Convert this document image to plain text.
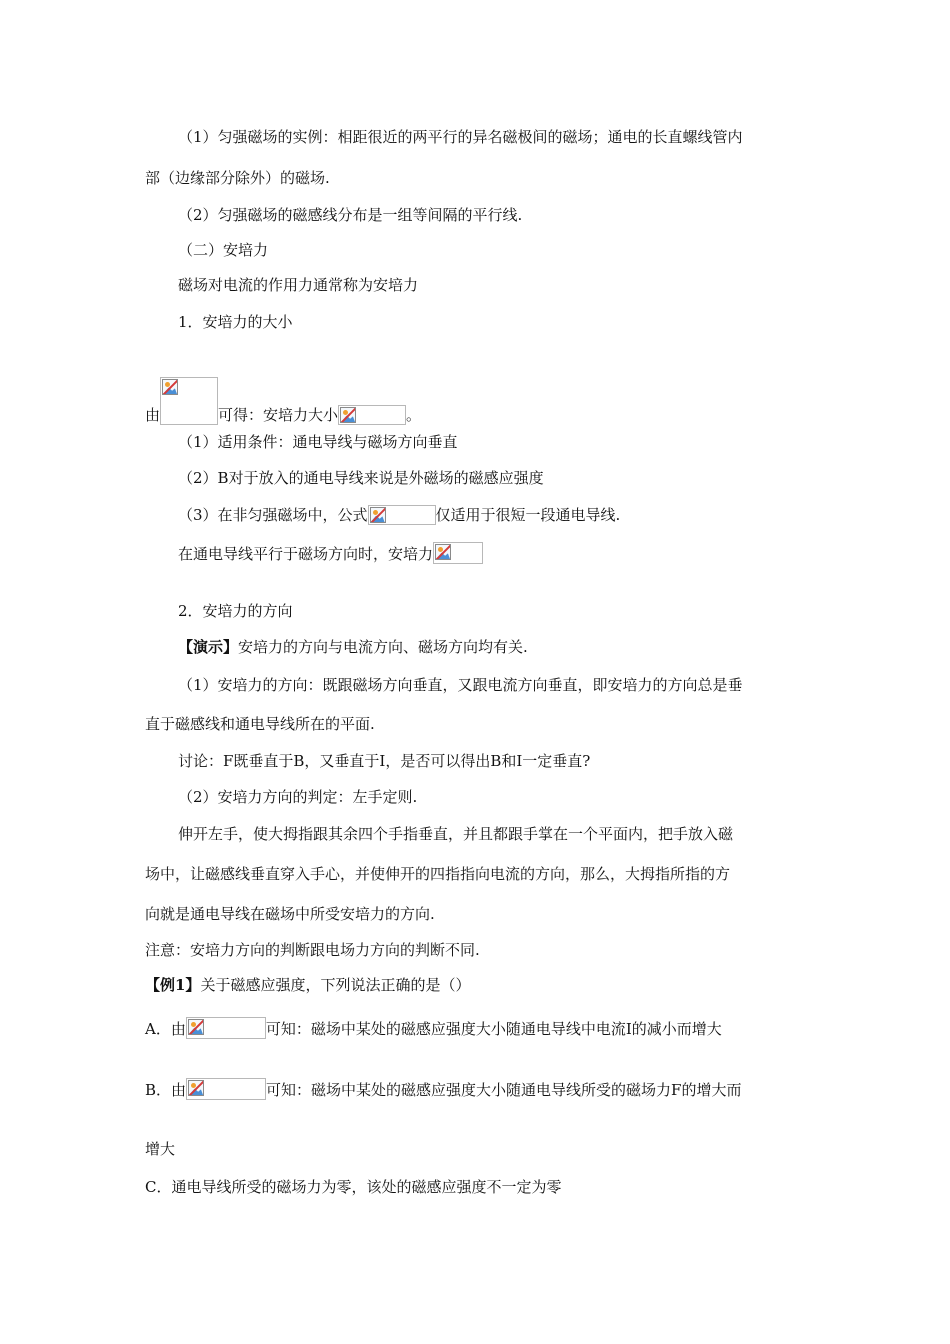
（1）匀强磁场的实例：相距很近的两平行的异名磁极间的磁场；通电的长直螺线管内
部（边缘部分除外）的磁场.
（2）匀强磁场的磁感线分布是一组等间隔的平行线.
（二）安培力
磁场对电流的作用力通常称为安培力
1．安培力的大小
由	可得：安培力大小	。
（1）适用条件：通电导线与磁场方向垂直
（2）B对于放入的通电导线来说是外磁场的磁感应强度
（3）在非匀强磁场中，公式	仅适用于很短一段通电导线.
在通电导线平行于磁场方向时，安培力
2．安培力的方向
【演示】安培力的方向与电流方向、磁场方向均有关.
（1）安培力的方向：既跟磁场方向垂直，又跟电流方向垂直，即安培力的方向总是垂
直于磁感线和通电导线所在的平面.
讨论：F既垂直于B，又垂直于I，是否可以得出B和I一定垂直?
（2）安培力方向的判定：左手定则.
伸开左手，使大拇指跟其余四个手指垂直，并且都跟手掌在一个平面内，把手放入磁
场中，让磁感线垂直穿入手心，并使伸开的四指指向电流的方向，那么，大拇指所指的方
向就是通电导线在磁场中所受安培力的方向.
注意：安培力方向的判断跟电场力方向的判断不同.
【例1】关于磁感应强度，下列说法正确的是（）
A．由	可知：磁场中某处的磁感应强度大小随通电导线中电流I的减小而增大
B．由	可知：磁场中某处的磁感应强度大小随通电导线所受的磁场力F的增大而
增大
C．通电导线所受的磁场力为零，该处的磁感应强度不一定为零
